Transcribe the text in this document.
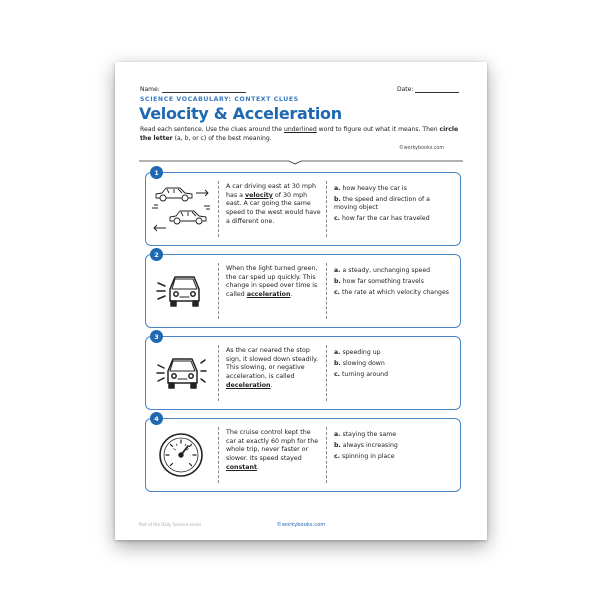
Name:	Date:
SCIENCE VOCABULARY: CONTEXT CLUES
Velocity & Acceleration
Read each sentence. Use the clues around the underlined word to figure out what it means. Then circle the letter (a, b, or c) of the best meaning.
©workybooks.com
1
A car driving east at 30 mph has a velocity of 30 mph east. A car going the same speed to the west would have a different one.
a. how heavy the car is
b. the speed and direction of a moving object
c. how far the car has traveled
2
When the light turned green, the car sped up quickly. This change in speed over time is called acceleration.
a. a steady, unchanging speed
b. how far something travels
c. the rate at which velocity changes
3
As the car neared the stop sign, it slowed down steadily. This slowing, or negative acceleration, is called deceleration.
a. speeding up
b. slowing down
c. turning around
4
The cruise control kept the car at exactly 60 mph for the whole trip, never faster or slower. Its speed stayed constant.
a. staying the same
b. always increasing
c. spinning in place
Part of the Daily Science series	©workybooks.com
